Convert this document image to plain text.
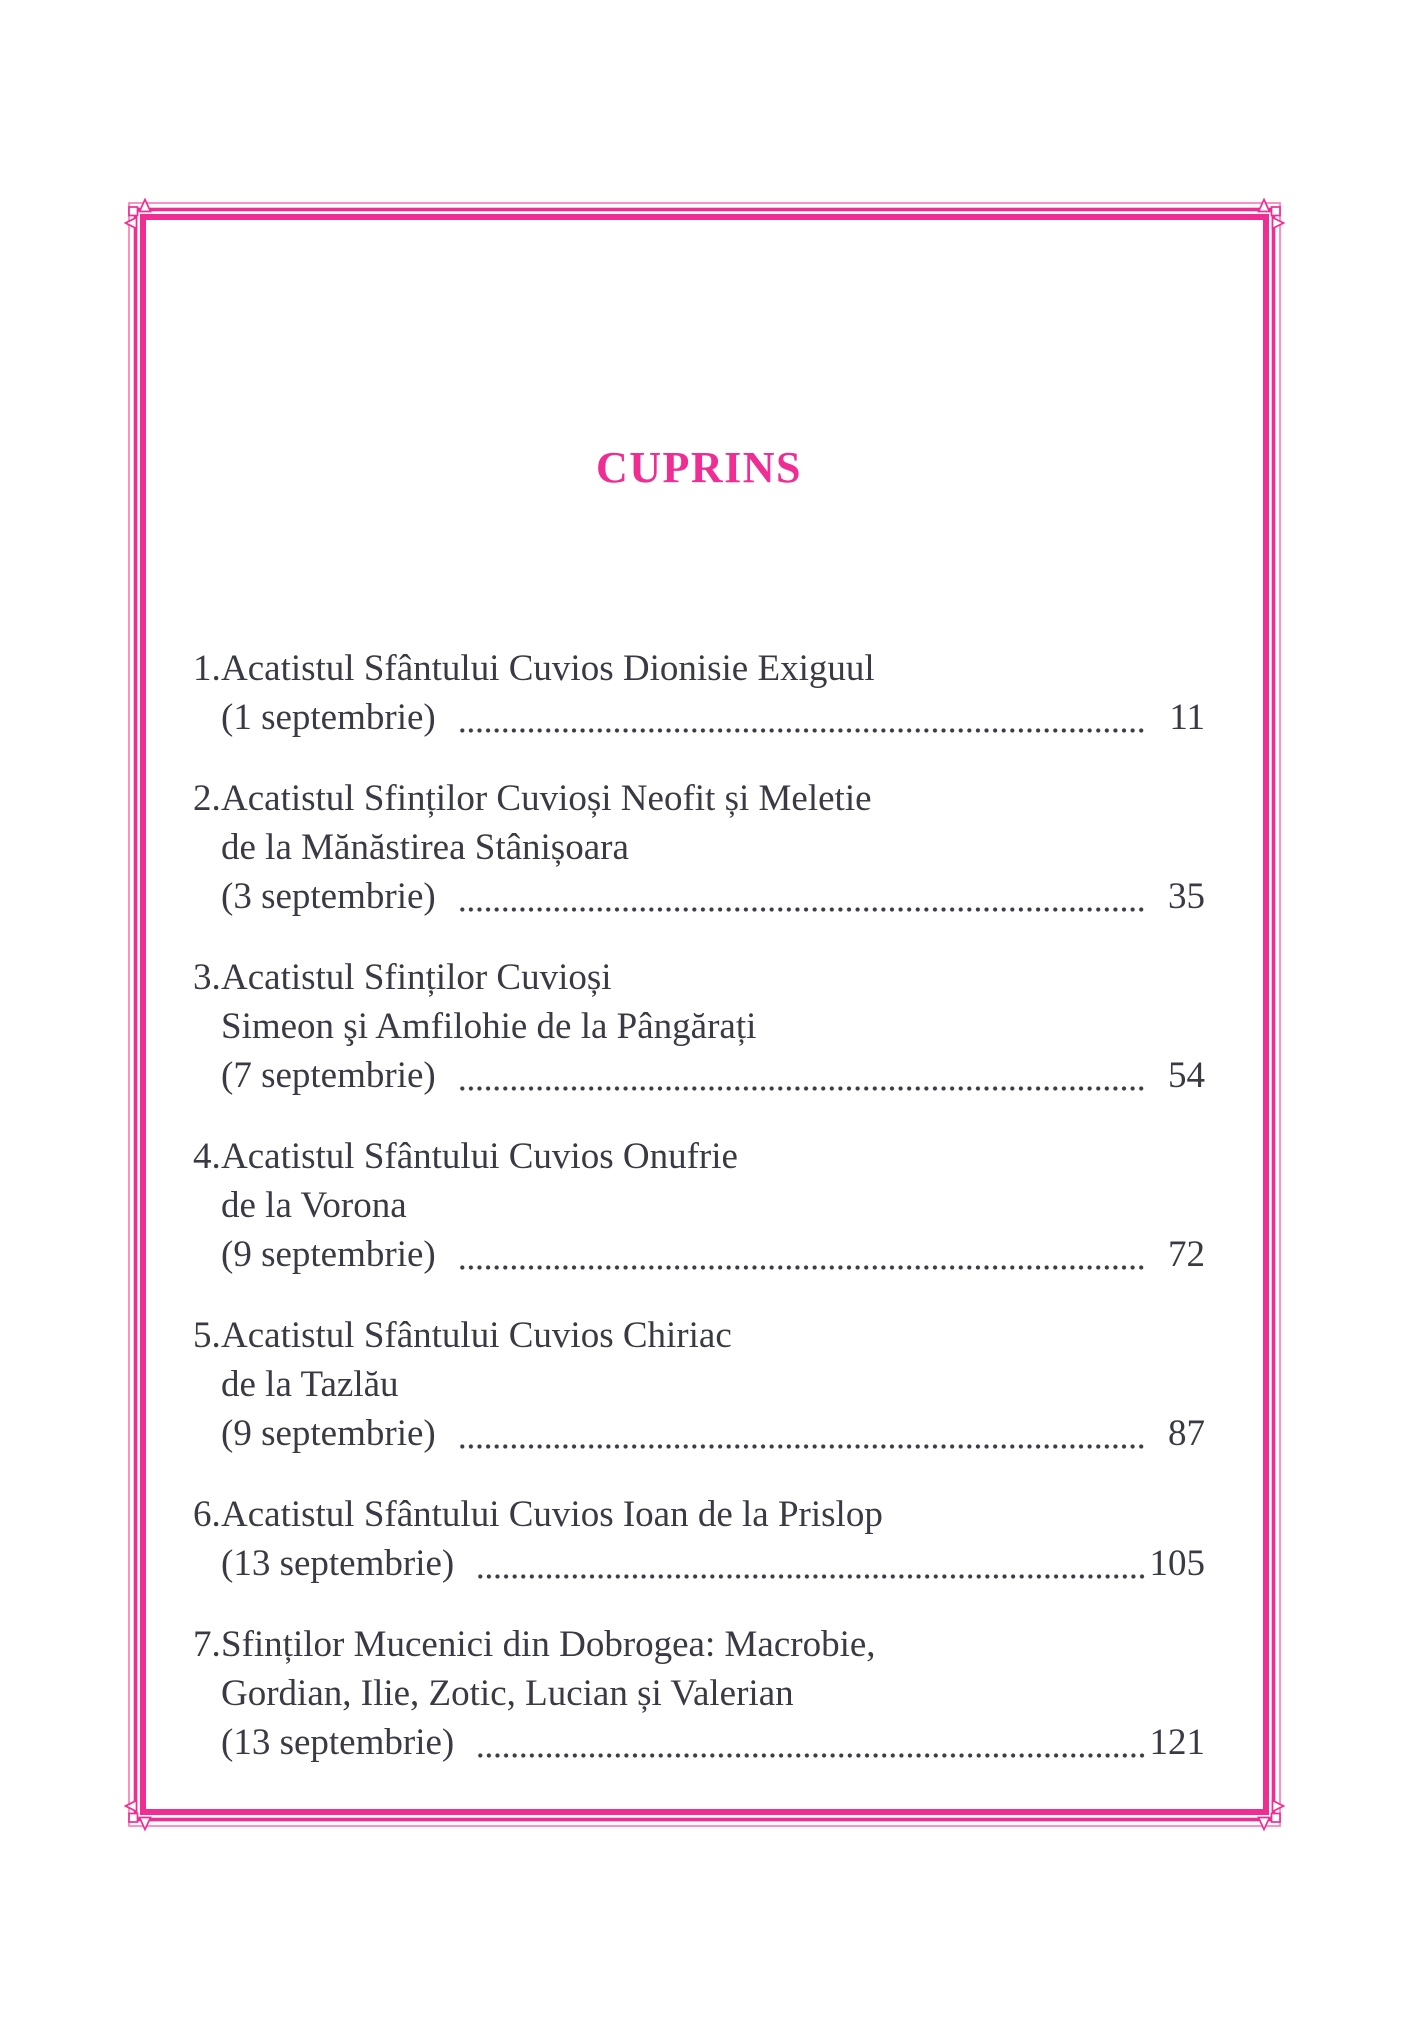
CUPRINS
1. Acatistul Sfântului Cuvios Dionisie Exiguul
(1 septembrie)	11
2. Acatistul Sfinților Cuvioși Neofit și Meletie
de la Mănăstirea Stânișoara
(3 septembrie)	35
3. Acatistul Sfinților Cuvioși
Simeon şi Amfilohie de la Pângărați
(7 septembrie)	54
4. Acatistul Sfântului Cuvios Onufrie
de la Vorona
(9 septembrie)	72
5. Acatistul Sfântului Cuvios Chiriac
de la Tazlău
(9 septembrie)	87
6. Acatistul Sfântului Cuvios Ioan de la Prislop
(13 septembrie)	105
7. Sfinților Mucenici din Dobrogea: Macrobie,
Gordian, Ilie, Zotic, Lucian și Valerian
(13 septembrie)	121
